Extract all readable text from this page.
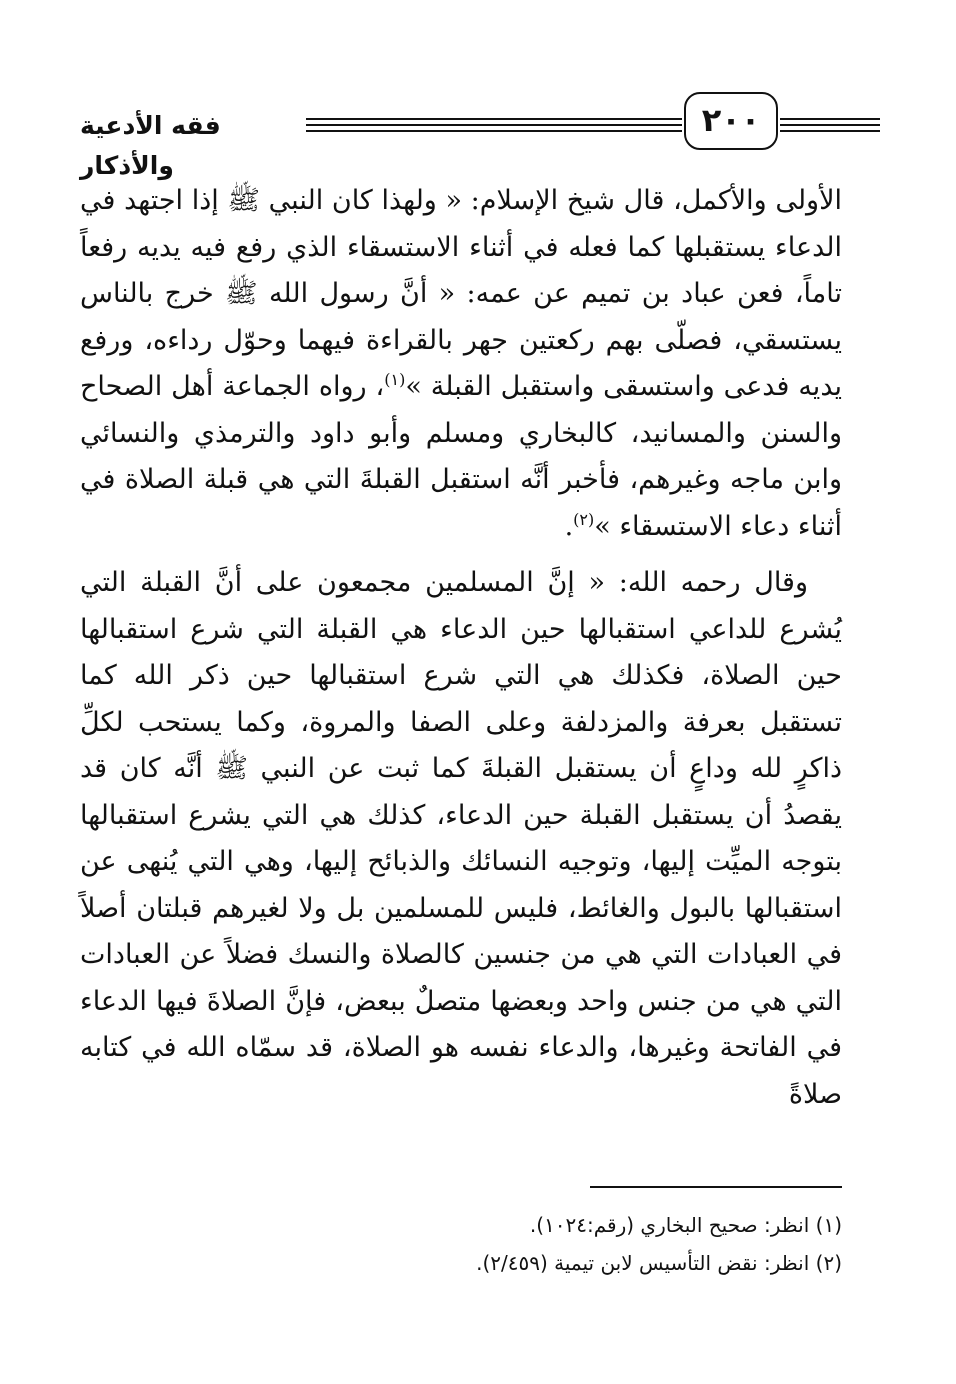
فقه الأدعية والأذكار
٢٠٠

الأولى والأكمل، قال شيخ الإسلام: « ولهذا كان النبي ﷺ إذا اجتهد في الدعاء يستقبلها كما فعله في أثناء الاستسقاء الذي رفع فيه يديه رفعاً تاماً، فعن عباد بن تميم عن عمه: « أنَّ رسول الله ﷺ خرج بالناس يستسقي، فصلّى بهم ركعتين جهر بالقراءة فيهما وحوّل رداءه، ورفع يديه فدعى واستسقى واستقبل القبلة »$^{(١)}$، رواه الجماعة أهل الصحاح والسنن والمسانيد، كالبخاري ومسلم وأبو داود والترمذي والنسائي وابن ماجه وغيرهم، فأخبر أنَّه استقبل القبلةَ التي هي قبلة الصلاة في أثناء دعاء الاستسقاء »$^{(٢)}$.

وقال رحمه الله: « إنَّ المسلمين مجمعون على أنَّ القبلة التي يُشرع للداعي استقبالها حين الدعاء هي القبلة التي شرع استقبالها حين الصلاة، فكذلك هي التي شرع استقبالها حين ذكر الله كما تستقبل بعرفة والمزدلفة وعلى الصفا والمروة، وكما يستحب لكلِّ ذاكرٍ لله وداعٍ أن يستقبل القبلةَ كما ثبت عن النبي ﷺ أنَّه كان قد يقصدُ أن يستقبل القبلة حين الدعاء، كذلك هي التي يشرع استقبالها بتوجه الميِّت إليها، وتوجيه النسائك والذبائح إليها، وهي التي يُنهى عن استقبالها بالبول والغائط، فليس للمسلمين بل ولا لغيرهم قبلتان أصلاً في العبادات التي هي من جنسين كالصلاة والنسك فضلاً عن العبادات التي هي من جنس واحد وبعضها متصلٌ ببعض، فإنَّ الصلاةَ فيها الدعاء في الفاتحة وغيرها، والدعاء نفسه هو الصلاة، قد سمّاه الله في كتابه صلاةً

(١) انظر: صحيح البخاري (رقم:١٠٢٤).
(٢) انظر: نقض التأسيس لابن تيمية (٢/٤٥٩).
